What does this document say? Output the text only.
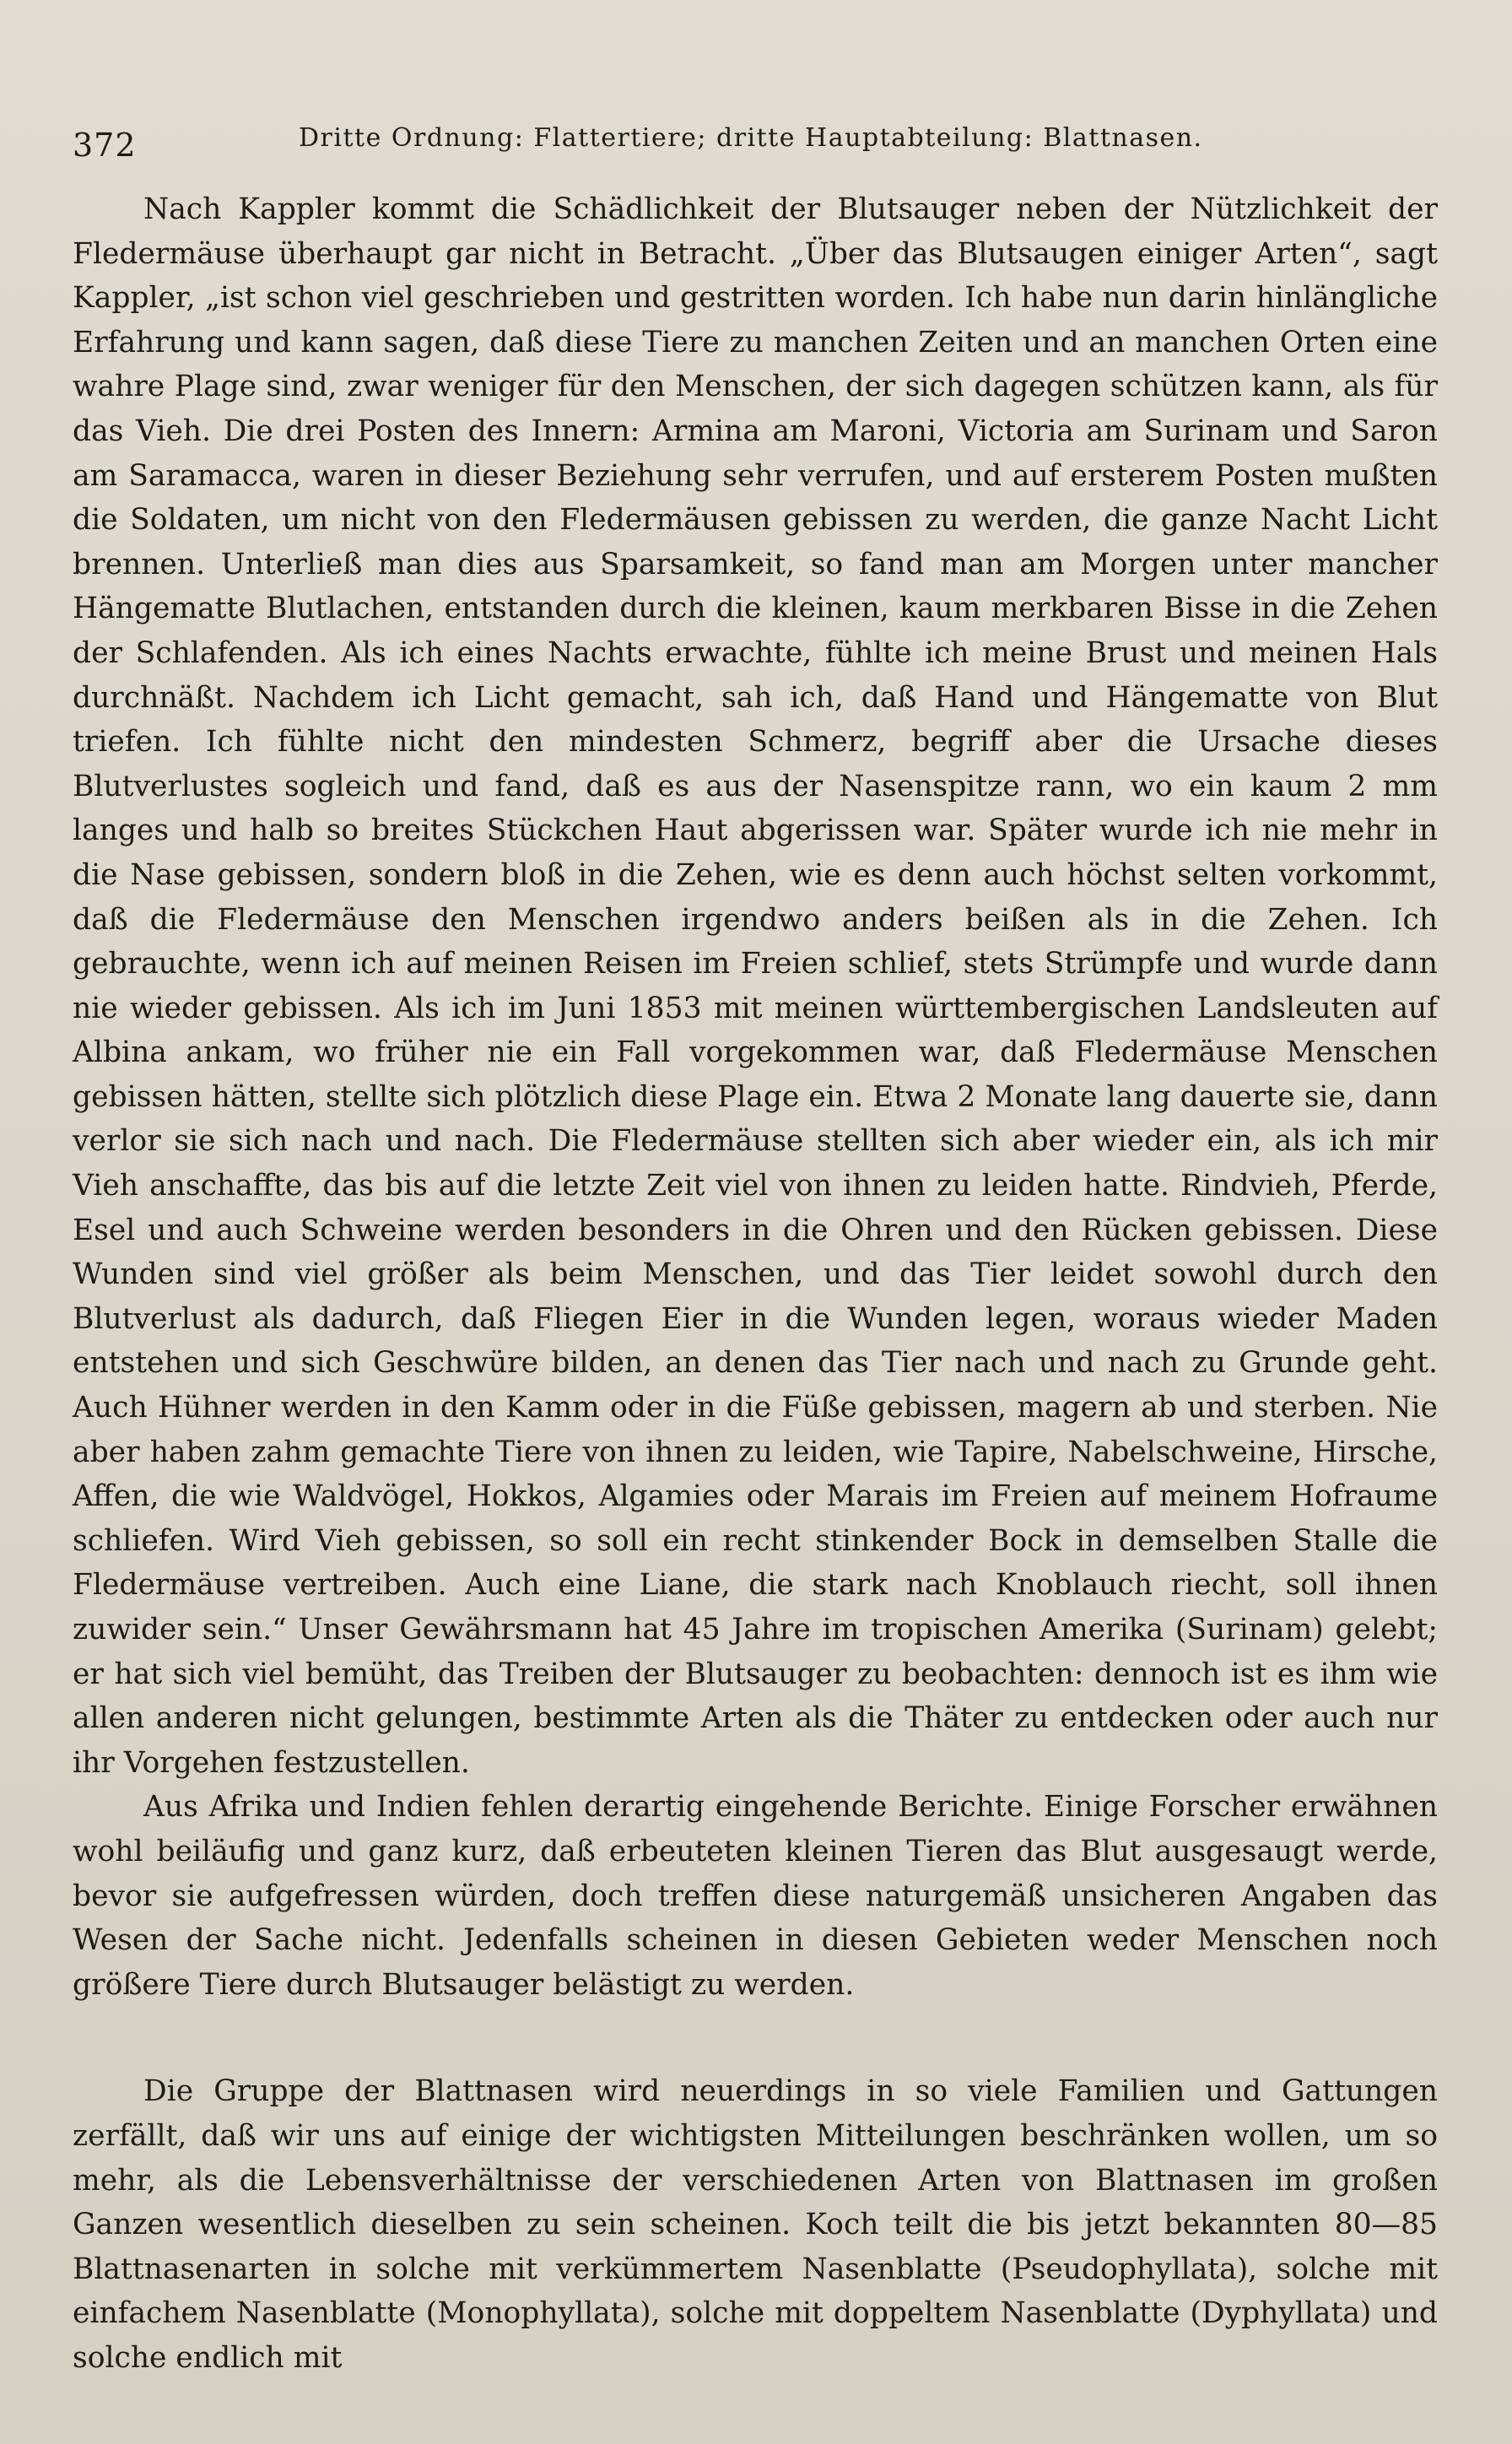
372	Dritte Ordnung: Flattertiere; dritte Hauptabteilung: Blattnasen.

Nach Kappler kommt die Schädlichkeit der Blutsauger neben der Nützlichkeit der Fledermäuse überhaupt gar nicht in Betracht. „Über das Blutsaugen einiger Arten“, sagt Kappler, „ist schon viel geschrieben und gestritten worden. Ich habe nun darin hinlängliche Erfahrung und kann sagen, daß diese Tiere zu manchen Zeiten und an manchen Orten eine wahre Plage sind, zwar weniger für den Menschen, der sich dagegen schützen kann, als für das Vieh. Die drei Posten des Innern: Armina am Maroni, Victoria am Surinam und Saron am Saramacca, waren in dieser Beziehung sehr verrufen, und auf ersterem Posten mußten die Soldaten, um nicht von den Fledermäusen gebissen zu werden, die ganze Nacht Licht brennen. Unterließ man dies aus Sparsamkeit, so fand man am Morgen unter mancher Hängematte Blutlachen, entstanden durch die kleinen, kaum merkbaren Bisse in die Zehen der Schlafenden. Als ich eines Nachts erwachte, fühlte ich meine Brust und meinen Hals durchnäßt. Nachdem ich Licht gemacht, sah ich, daß Hand und Hängematte von Blut triefen. Ich fühlte nicht den mindesten Schmerz, begriff aber die Ursache dieses Blutverlustes sogleich und fand, daß es aus der Nasenspitze rann, wo ein kaum 2 mm langes und halb so breites Stückchen Haut abgerissen war. Später wurde ich nie mehr in die Nase gebissen, sondern bloß in die Zehen, wie es denn auch höchst selten vorkommt, daß die Fledermäuse den Menschen irgendwo anders beißen als in die Zehen. Ich gebrauchte, wenn ich auf meinen Reisen im Freien schlief, stets Strümpfe und wurde dann nie wieder gebissen. Als ich im Juni 1853 mit meinen württembergischen Landsleuten auf Albina ankam, wo früher nie ein Fall vorgekommen war, daß Fledermäuse Menschen gebissen hätten, stellte sich plötzlich diese Plage ein. Etwa 2 Monate lang dauerte sie, dann verlor sie sich nach und nach. Die Fledermäuse stellten sich aber wieder ein, als ich mir Vieh anschaffte, das bis auf die letzte Zeit viel von ihnen zu leiden hatte. Rindvieh, Pferde, Esel und auch Schweine werden besonders in die Ohren und den Rücken gebissen. Diese Wunden sind viel größer als beim Menschen, und das Tier leidet sowohl durch den Blutverlust als dadurch, daß Fliegen Eier in die Wunden legen, woraus wieder Maden entstehen und sich Geschwüre bilden, an denen das Tier nach und nach zu Grunde geht. Auch Hühner werden in den Kamm oder in die Füße gebissen, magern ab und sterben. Nie aber haben zahm gemachte Tiere von ihnen zu leiden, wie Tapire, Nabelschweine, Hirsche, Affen, die wie Waldvögel, Hokkos, Algamies oder Marais im Freien auf meinem Hofraume schliefen. Wird Vieh gebissen, so soll ein recht stinkender Bock in demselben Stalle die Fledermäuse vertreiben. Auch eine Liane, die stark nach Knoblauch riecht, soll ihnen zuwider sein.“ Unser Gewährsmann hat 45 Jahre im tropischen Amerika (Surinam) gelebt; er hat sich viel bemüht, das Treiben der Blutsauger zu beobachten: dennoch ist es ihm wie allen anderen nicht gelungen, bestimmte Arten als die Thäter zu entdecken oder auch nur ihr Vorgehen festzustellen.

Aus Afrika und Indien fehlen derartig eingehende Berichte. Einige Forscher erwähnen wohl beiläufig und ganz kurz, daß erbeuteten kleinen Tieren das Blut ausgesaugt werde, bevor sie aufgefressen würden, doch treffen diese naturgemäß unsicheren Angaben das Wesen der Sache nicht. Jedenfalls scheinen in diesen Gebieten weder Menschen noch größere Tiere durch Blutsauger belästigt zu werden.

Die Gruppe der Blattnasen wird neuerdings in so viele Familien und Gattungen zerfällt, daß wir uns auf einige der wichtigsten Mitteilungen beschränken wollen, um so mehr, als die Lebensverhältnisse der verschiedenen Arten von Blattnasen im großen Ganzen wesentlich dieselben zu sein scheinen. Koch teilt die bis jetzt bekannten 80—85 Blattnasenarten in solche mit verkümmertem Nasenblatte (Pseudophyllata), solche mit einfachem Nasenblatte (Monophyllata), solche mit doppeltem Nasenblatte (Dyphyllata) und solche endlich mit
